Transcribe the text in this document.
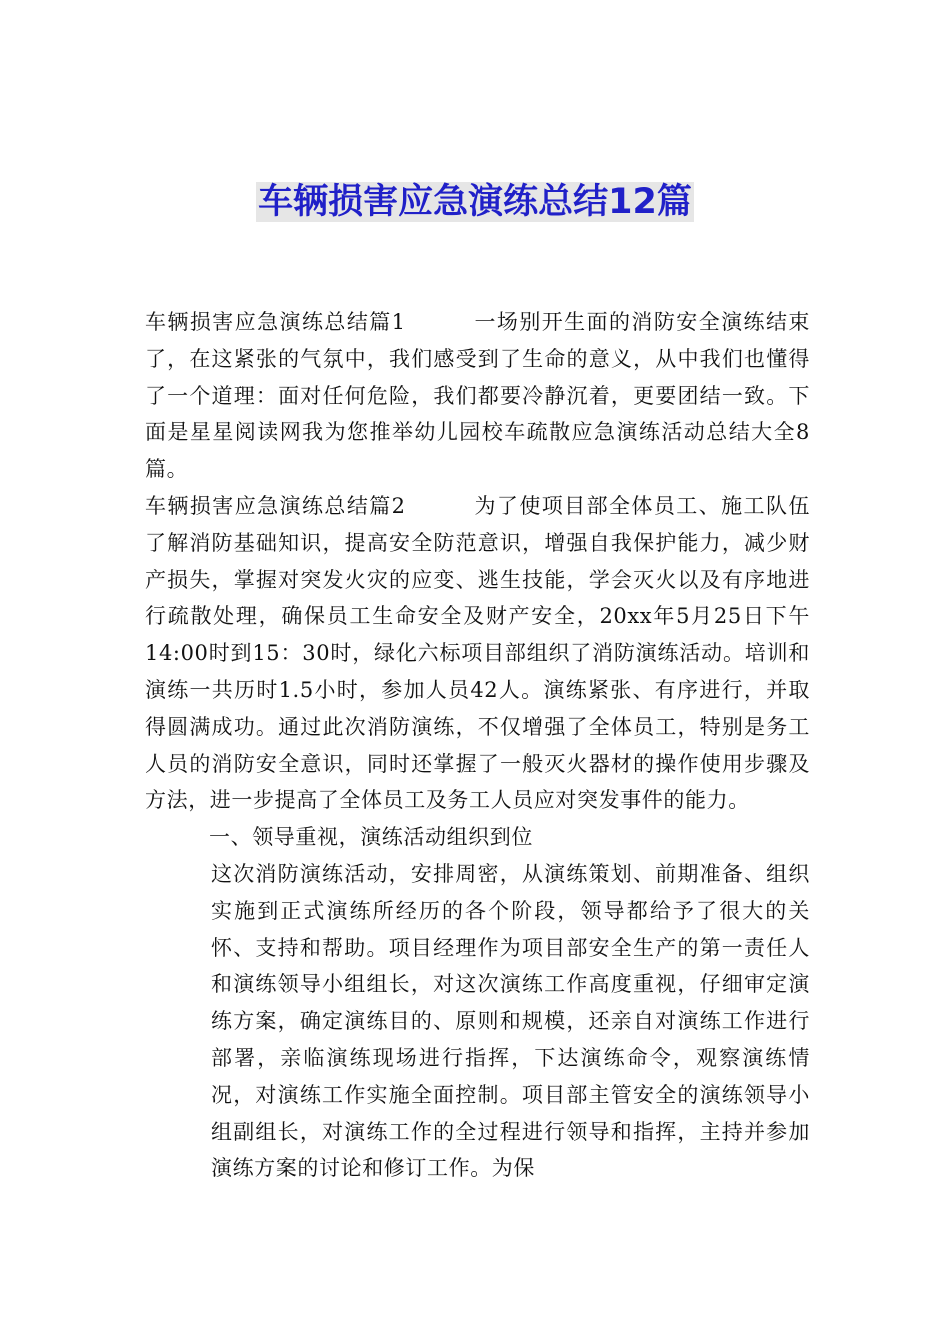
车辆损害应急演练总结12篇

车辆损害应急演练总结篇1	一场别开生面的消防安全演练结束了，在这紧张的气氛中，我们感受到了生命的意义，从中我们也懂得了一个道理：面对任何危险，我们都要冷静沉着，更要团结一致。下面是星星阅读网我为您推举幼儿园校车疏散应急演练活动总结大全8篇。

车辆损害应急演练总结篇2	为了使项目部全体员工、施工队伍了解消防基础知识，提高安全防范意识，增强自我保护能力，减少财产损失，掌握对突发火灾的应变、逃生技能，学会灭火以及有序地进行疏散处理，确保员工生命安全及财产安全，20xx年5月25日下午14:00时到15：30时，绿化六标项目部组织了消防演练活动。培训和演练一共历时1.5小时，参加人员42人。演练紧张、有序进行，并取得圆满成功。通过此次消防演练，不仅增强了全体员工，特别是务工人员的消防安全意识，同时还掌握了一般灭火器材的操作使用步骤及方法，进一步提高了全体员工及务工人员应对突发事件的能力。

一、领导重视，演练活动组织到位

这次消防演练活动，安排周密，从演练策划、前期准备、组织实施到正式演练所经历的各个阶段，领导都给予了很大的关怀、支持和帮助。项目经理作为项目部安全生产的第一责任人和演练领导小组组长，对这次演练工作高度重视，仔细审定演练方案，确定演练目的、原则和规模，还亲自对演练工作进行部署，亲临演练现场进行指挥，下达演练命令，观察演练情况，对演练工作实施全面控制。项目部主管安全的演练领导小组副组长，对演练工作的全过程进行领导和指挥，主持并参加演练方案的讨论和修订工作。为保
